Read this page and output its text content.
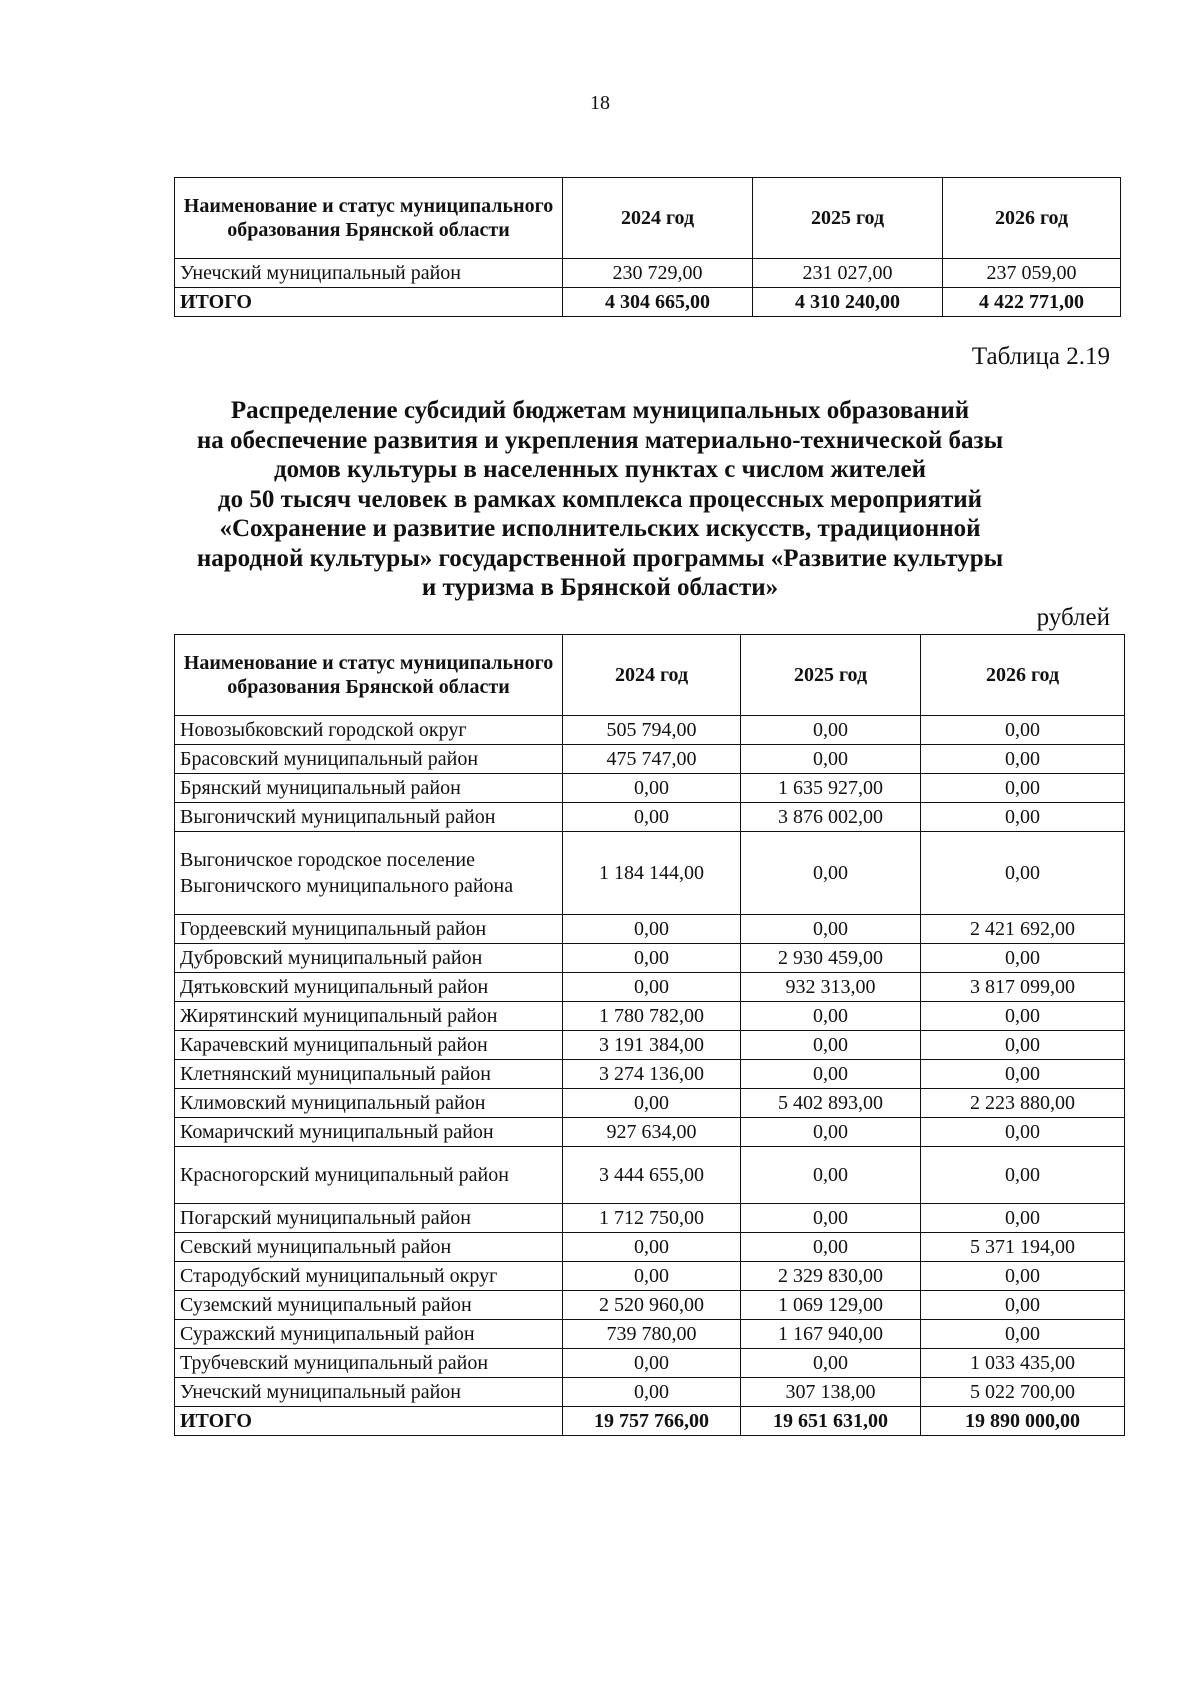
18
Наименование и статус муниципального образования Брянской области	2024 год	2025 год	2026 год
Унечский муниципальный район	230 729,00	231 027,00	237 059,00
ИТОГО	4 304 665,00	4 310 240,00	4 422 771,00
Таблица 2.19
Распределение субсидий бюджетам муниципальных образований
на обеспечение развития и укрепления материально-технической базы
домов культуры в населенных пунктах с числом жителей
до 50 тысяч человек в рамках комплекса процессных мероприятий
«Сохранение и развитие исполнительских искусств, традиционной
народной культуры» государственной программы «Развитие культуры
и туризма в Брянской области»
рублей
Наименование и статус муниципального образования Брянской области	2024 год	2025 год	2026 год
Новозыбковский городской округ	505 794,00	0,00	0,00
Брасовский муниципальный район	475 747,00	0,00	0,00
Брянский муниципальный район	0,00	1 635 927,00	0,00
Выгоничский муниципальный район	0,00	3 876 002,00	0,00
Выгоничское городское поселение Выгоничского муниципального района	1 184 144,00	0,00	0,00
Гордеевский муниципальный район	0,00	0,00	2 421 692,00
Дубровский муниципальный район	0,00	2 930 459,00	0,00
Дятьковский муниципальный район	0,00	932 313,00	3 817 099,00
Жирятинский муниципальный район	1 780 782,00	0,00	0,00
Карачевский муниципальный район	3 191 384,00	0,00	0,00
Клетнянский муниципальный район	3 274 136,00	0,00	0,00
Климовский муниципальный район	0,00	5 402 893,00	2 223 880,00
Комаричский муниципальный район	927 634,00	0,00	0,00
Красногорский муниципальный район	3 444 655,00	0,00	0,00
Погарский муниципальный район	1 712 750,00	0,00	0,00
Севский муниципальный район	0,00	0,00	5 371 194,00
Стародубский муниципальный округ	0,00	2 329 830,00	0,00
Суземский муниципальный район	2 520 960,00	1 069 129,00	0,00
Суражский муниципальный район	739 780,00	1 167 940,00	0,00
Трубчевский муниципальный район	0,00	0,00	1 033 435,00
Унечский муниципальный район	0,00	307 138,00	5 022 700,00
ИТОГО	19 757 766,00	19 651 631,00	19 890 000,00
